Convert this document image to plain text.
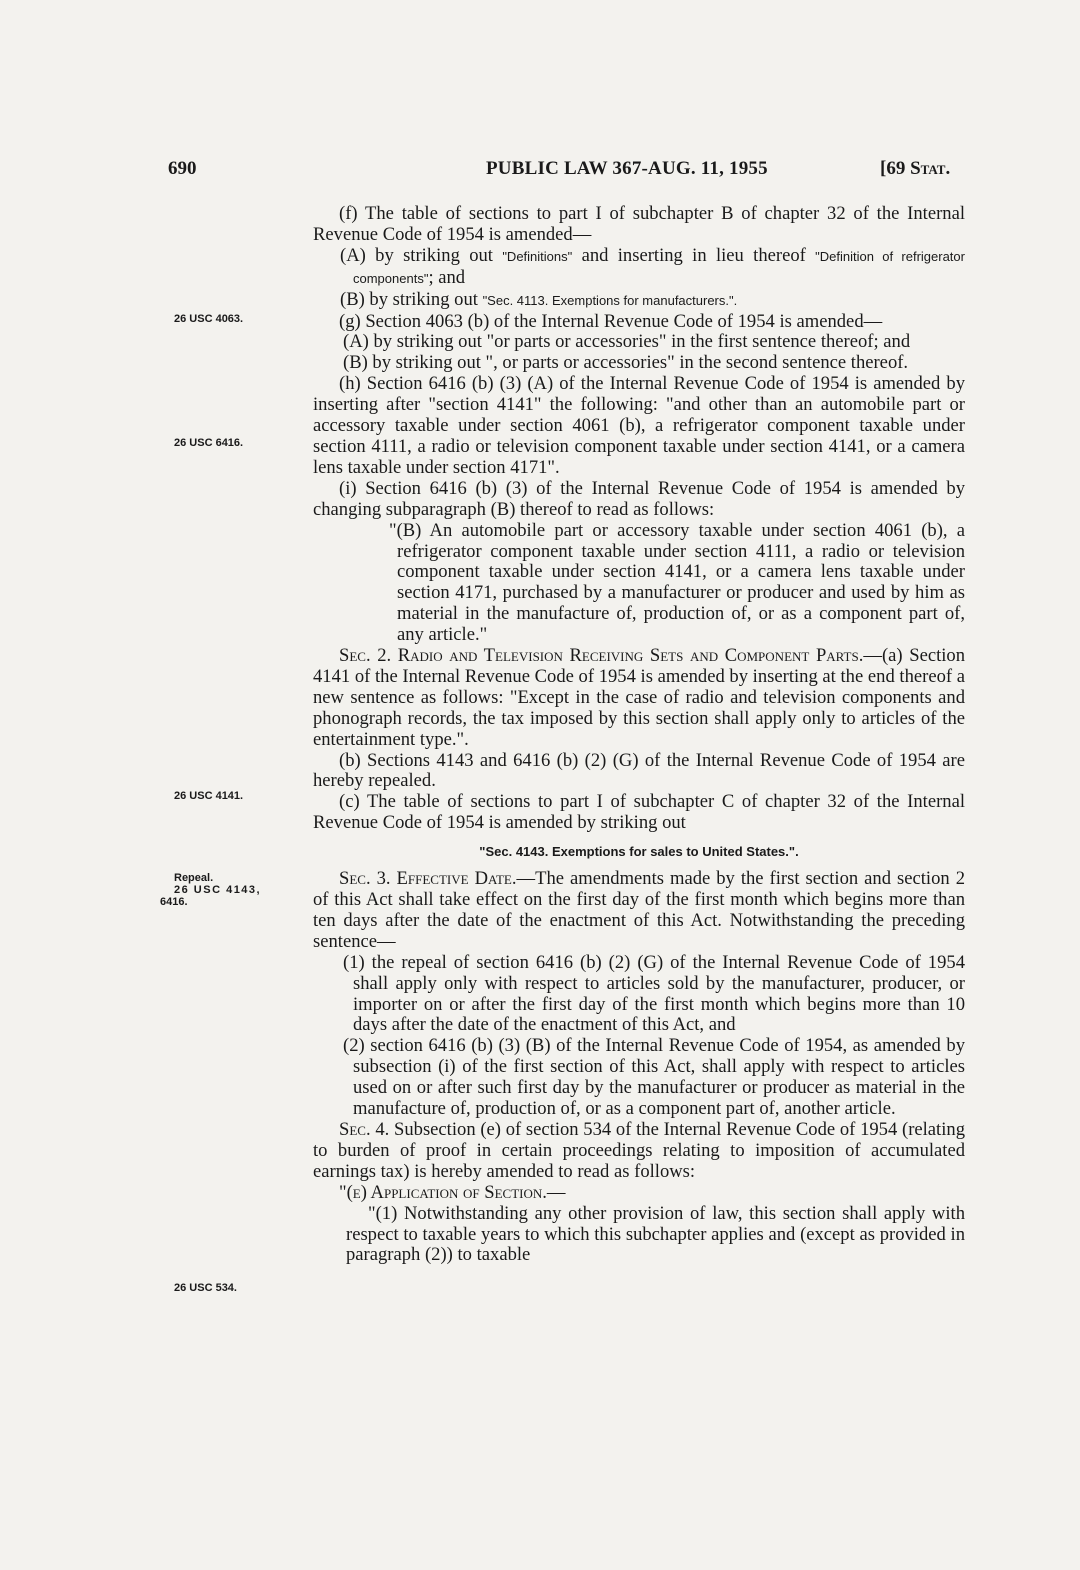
690	PUBLIC LAW 367-AUG. 11, 1955	[69 Stat.
26 USC 4063.
26 USC 6416.
26 USC 4141.
Repeal.
26 USC 4143,
6416.
26 USC 534.

(f) The table of sections to part I of subchapter B of chapter 32 of the Internal Revenue Code of 1954 is amended—

(A) by striking out "Definitions" and inserting in lieu thereof "Definition of refrigerator components"; and

(B) by striking out "Sec. 4113. Exemptions for manufacturers.".

(g) Section 4063 (b) of the Internal Revenue Code of 1954 is amended—

(A) by striking out "or parts or accessories" in the first sentence thereof; and

(B) by striking out ", or parts or accessories" in the second sentence thereof.

(h) Section 6416 (b) (3) (A) of the Internal Revenue Code of 1954 is amended by inserting after "section 4141" the following: "and other than an automobile part or accessory taxable under section 4061 (b), a refrigerator component taxable under section 4111, a radio or television component taxable under section 4141, or a camera lens taxable under section 4171".

(i) Section 6416 (b) (3) of the Internal Revenue Code of 1954 is amended by changing subparagraph (B) thereof to read as follows:

"(B) An automobile part or accessory taxable under section 4061 (b), a refrigerator component taxable under section 4111, a radio or television component taxable under section 4141, or a camera lens taxable under section 4171, purchased by a manufacturer or producer and used by him as material in the manufacture of, production of, or as a component part of, any article."

Sec. 2. Radio and Television Receiving Sets and Component Parts.—(a) Section 4141 of the Internal Revenue Code of 1954 is amended by inserting at the end thereof a new sentence as follows: "Except in the case of radio and television components and phonograph records, the tax imposed by this section shall apply only to articles of the entertainment type.".

(b) Sections 4143 and 6416 (b) (2) (G) of the Internal Revenue Code of 1954 are hereby repealed.

(c) The table of sections to part I of subchapter C of chapter 32 of the Internal Revenue Code of 1954 is amended by striking out

"Sec. 4143. Exemptions for sales to United States.".

Sec. 3. Effective Date.—The amendments made by the first section and section 2 of this Act shall take effect on the first day of the first month which begins more than ten days after the date of the enactment of this Act. Notwithstanding the preceding sentence—

(1) the repeal of section 6416 (b) (2) (G) of the Internal Revenue Code of 1954 shall apply only with respect to articles sold by the manufacturer, producer, or importer on or after the first day of the first month which begins more than 10 days after the date of the enactment of this Act, and

(2) section 6416 (b) (3) (B) of the Internal Revenue Code of 1954, as amended by subsection (i) of the first section of this Act, shall apply with respect to articles used on or after such first day by the manufacturer or producer as material in the manufacture of, production of, or as a component part of, another article.

Sec. 4. Subsection (e) of section 534 of the Internal Revenue Code of 1954 (relating to burden of proof in certain proceedings relating to imposition of accumulated earnings tax) is hereby amended to read as follows:

"(e) Application of Section.—

"(1) Notwithstanding any other provision of law, this section shall apply with respect to taxable years to which this subchapter applies and (except as provided in paragraph (2)) to taxable
